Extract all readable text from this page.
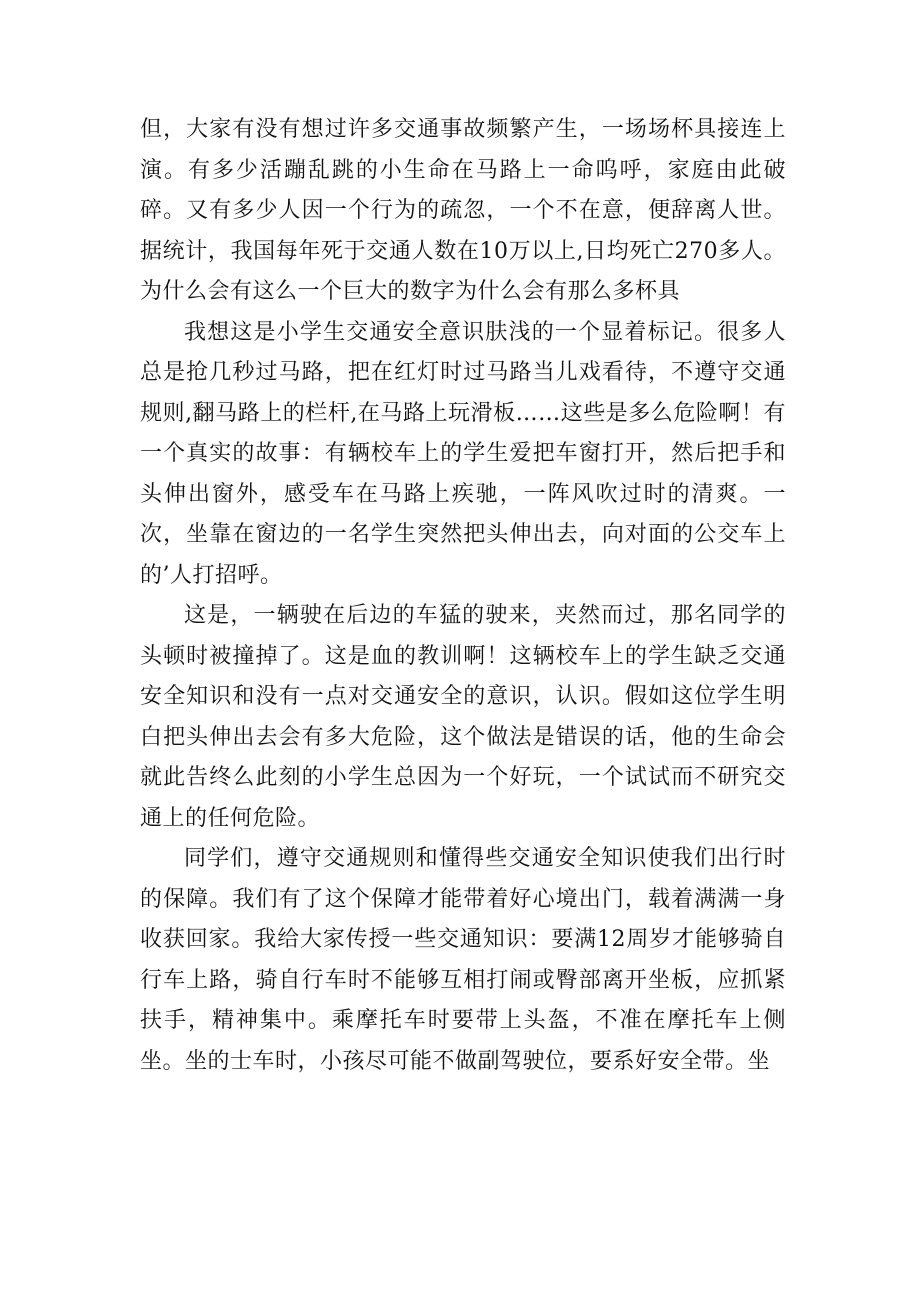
但，大家有没有想过许多交通事故频繁产生，一场场杯具接连上演。有多少活蹦乱跳的小生命在马路上一命呜呼，家庭由此破碎。又有多少人因一个行为的疏忽，一个不在意，便辞离人世。据统计，我国每年死于交通人数在10万以上,日均死亡270多人。为什么会有这么一个巨大的数字为什么会有那么多杯具

我想这是小学生交通安全意识肤浅的一个显着标记。很多人总是抢几秒过马路，把在红灯时过马路当儿戏看待，不遵守交通规则,翻马路上的栏杆,在马路上玩滑板……这些是多么危险啊！有一个真实的故事：有辆校车上的学生爱把车窗打开，然后把手和头伸出窗外，感受车在马路上疾驰，一阵风吹过时的清爽。一次，坐靠在窗边的一名学生突然把头伸出去，向对面的公交车上的’人打招呼。

这是，一辆驶在后边的车猛的驶来，夹然而过，那名同学的头顿时被撞掉了。这是血的教训啊！这辆校车上的学生缺乏交通安全知识和没有一点对交通安全的意识，认识。假如这位学生明白把头伸出去会有多大危险，这个做法是错误的话，他的生命会就此告终么此刻的小学生总因为一个好玩，一个试试而不研究交通上的任何危险。

同学们，遵守交通规则和懂得些交通安全知识使我们出行时的保障。我们有了这个保障才能带着好心境出门，载着满满一身收获回家。我给大家传授一些交通知识：要满12周岁才能够骑自行车上路，骑自行车时不能够互相打闹或臀部离开坐板，应抓紧扶手，精神集中。乘摩托车时要带上头盔，不准在摩托车上侧坐。坐的士车时，小孩尽可能不做副驾驶位，要系好安全带。坐
